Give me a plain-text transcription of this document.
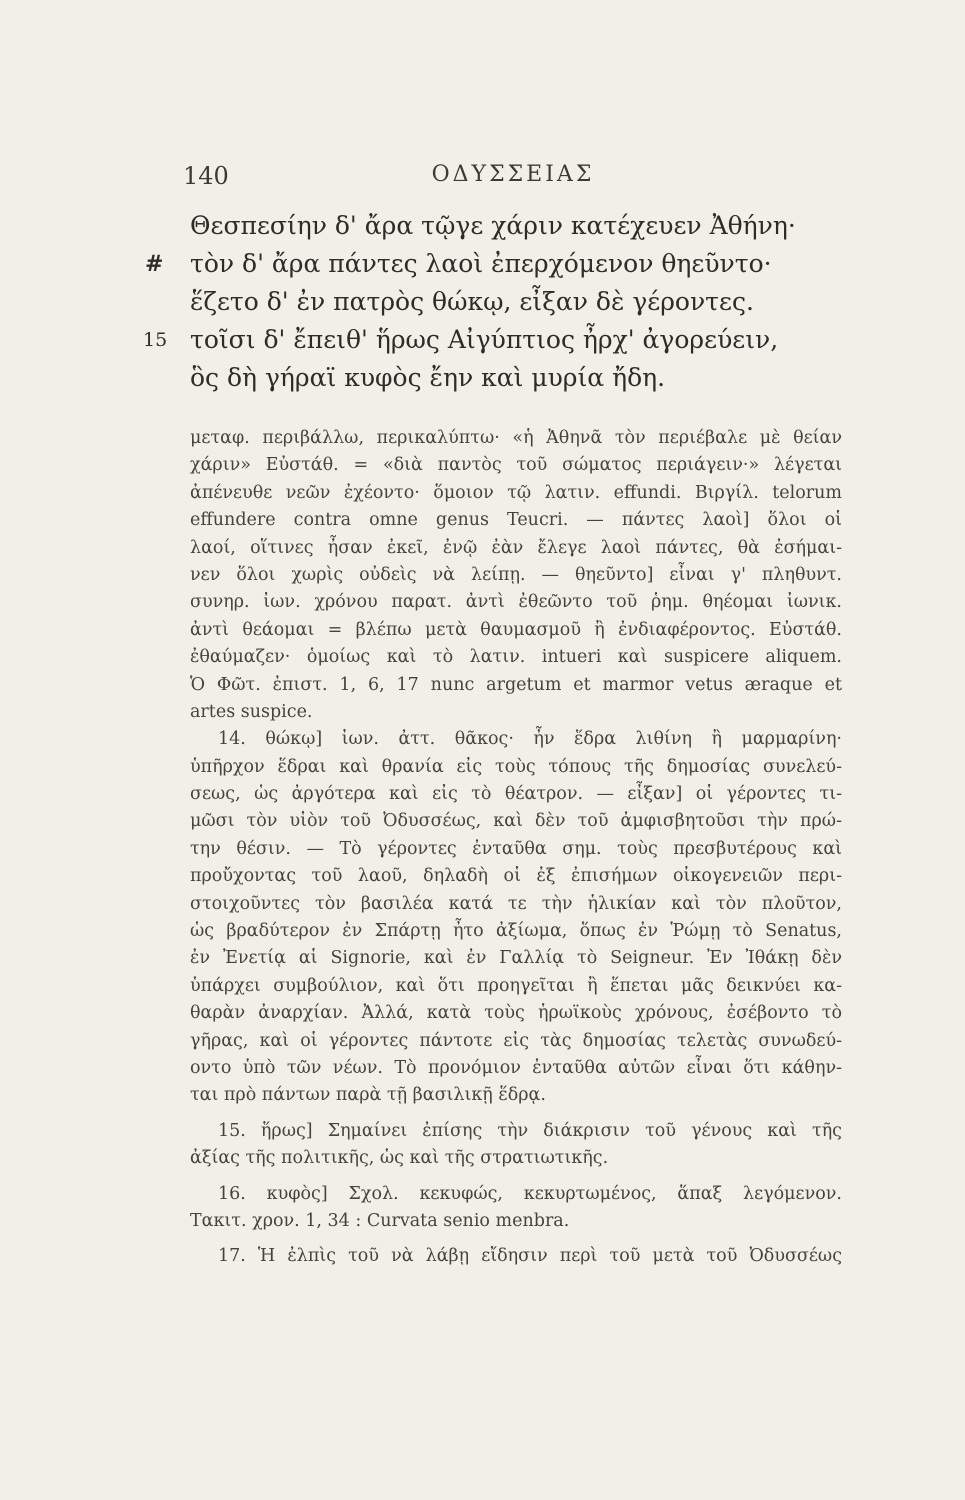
140	ΟΔΥΣΣΕΙΑΣ
Θεσπεσίην δ' ἄρα τῷγε χάριν κατέχευεν Ἀθήνη·
# τὸν δ' ἄρα πάντες λαοὶ ἐπερχόμενον θηεῦντο·
ἕζετο δ' ἐν πατρὸς θώκῳ, εἶξαν δὲ γέροντες.
15 τοῖσι δ' ἔπειθ' ἥρως Αἰγύπτιος ἦρχ' ἀγορεύειν,
ὃς δὴ γήραϊ κυφὸς ἔην καὶ μυρία ἤδη.
μεταφ. περιβάλλω, περικαλύπτω· «ἡ Ἀθηνᾶ τὸν περιέβαλε μὲ θείαν
χάριν» Εὐστάθ. = «διὰ παντὸς τοῦ σώματος περιάγειν·» λέγεται
ἀπένευθε νεῶν ἐχέοντο· ὅμοιον τῷ λατιν. effundi. Βιργίλ. telorum
effundere contra omne genus Teucri. — πάντες λαοὶ] ὅλοι οἱ
λαοί, οἵτινες ἦσαν ἐκεῖ, ἐνῷ ἐὰν ἔλεγε λαοὶ πάντες, θὰ ἐσήμαι-
νεν ὅλοι χωρὶς οὐδεὶς νὰ λείπῃ. — θηεῦντο] εἶναι γ' πληθυντ.
συνηρ. ἰων. χρόνου παρατ. ἀντὶ ἐθεῶντο τοῦ ῥημ. θηέομαι ἰωνικ.
ἀντὶ θεάομαι = βλέπω μετὰ θαυμασμοῦ ἢ ἐνδιαφέροντος. Εὐστάθ.
ἐθαύμαζεν· ὁμοίως καὶ τὸ λατιν. intueri καὶ suspicere aliquem.
Ὁ Φῶτ. ἐπιστ. 1, 6, 17 nunc argetum et marmor vetus æraque et
artes suspice.
14. θώκῳ] ἰων. ἀττ. θᾶκος· ἦν ἕδρα λιθίνη ἢ μαρμαρίνη·
ὑπῆρχον ἕδραι καὶ θρανία εἰς τοὺς τόπους τῆς δημοσίας συνελεύ-
σεως, ὡς ἀργότερα καὶ εἰς τὸ θέατρον. — εἶξαν] οἱ γέροντες τι-
μῶσι τὸν υἱὸν τοῦ Ὀδυσσέως, καὶ δὲν τοῦ ἀμφισβητοῦσι τὴν πρώ-
την θέσιν. — Τὸ γέροντες ἐνταῦθα σημ. τοὺς πρεσβυτέρους καὶ
προὔχοντας τοῦ λαοῦ, δηλαδὴ οἱ ἐξ ἐπισήμων οἰκογενειῶν περι-
στοιχοῦντες τὸν βασιλέα κατά τε τὴν ἡλικίαν καὶ τὸν πλοῦτον,
ὡς βραδύτερον ἐν Σπάρτῃ ἦτο ἀξίωμα, ὅπως ἐν Ῥώμῃ τὸ Senatus,
ἐν Ἐνετίᾳ αἱ Signorie, καὶ ἐν Γαλλίᾳ τὸ Seigneur. Ἐν Ἰθάκῃ δὲν
ὑπάρχει συμβούλιον, καὶ ὅτι προηγεῖται ἢ ἕπεται μᾶς δεικνύει κα-
θαρὰν ἀναρχίαν. Ἀλλά, κατὰ τοὺς ἡρωϊκοὺς χρόνους, ἐσέβοντο τὸ
γῆρας, καὶ οἱ γέροντες πάντοτε εἰς τὰς δημοσίας τελετὰς συνωδεύ-
οντο ὑπὸ τῶν νέων. Τὸ προνόμιον ἐνταῦθα αὐτῶν εἶναι ὅτι κάθην-
ται πρὸ πάντων παρὰ τῇ βασιλικῇ ἕδρᾳ.
15. ἥρως] Σημαίνει ἐπίσης τὴν διάκρισιν τοῦ γένους καὶ τῆς
ἀξίας τῆς πολιτικῆς, ὡς καὶ τῆς στρατιωτικῆς.
16. κυφὸς] Σχολ. κεκυφώς, κεκυρτωμένος, ἅπαξ λεγόμενον.
Τακιτ. χρον. 1, 34 : Curvata senio menbra.
17. Ἡ ἐλπὶς τοῦ νὰ λάβῃ εἴδησιν περὶ τοῦ μετὰ τοῦ Ὀδυσσέως
